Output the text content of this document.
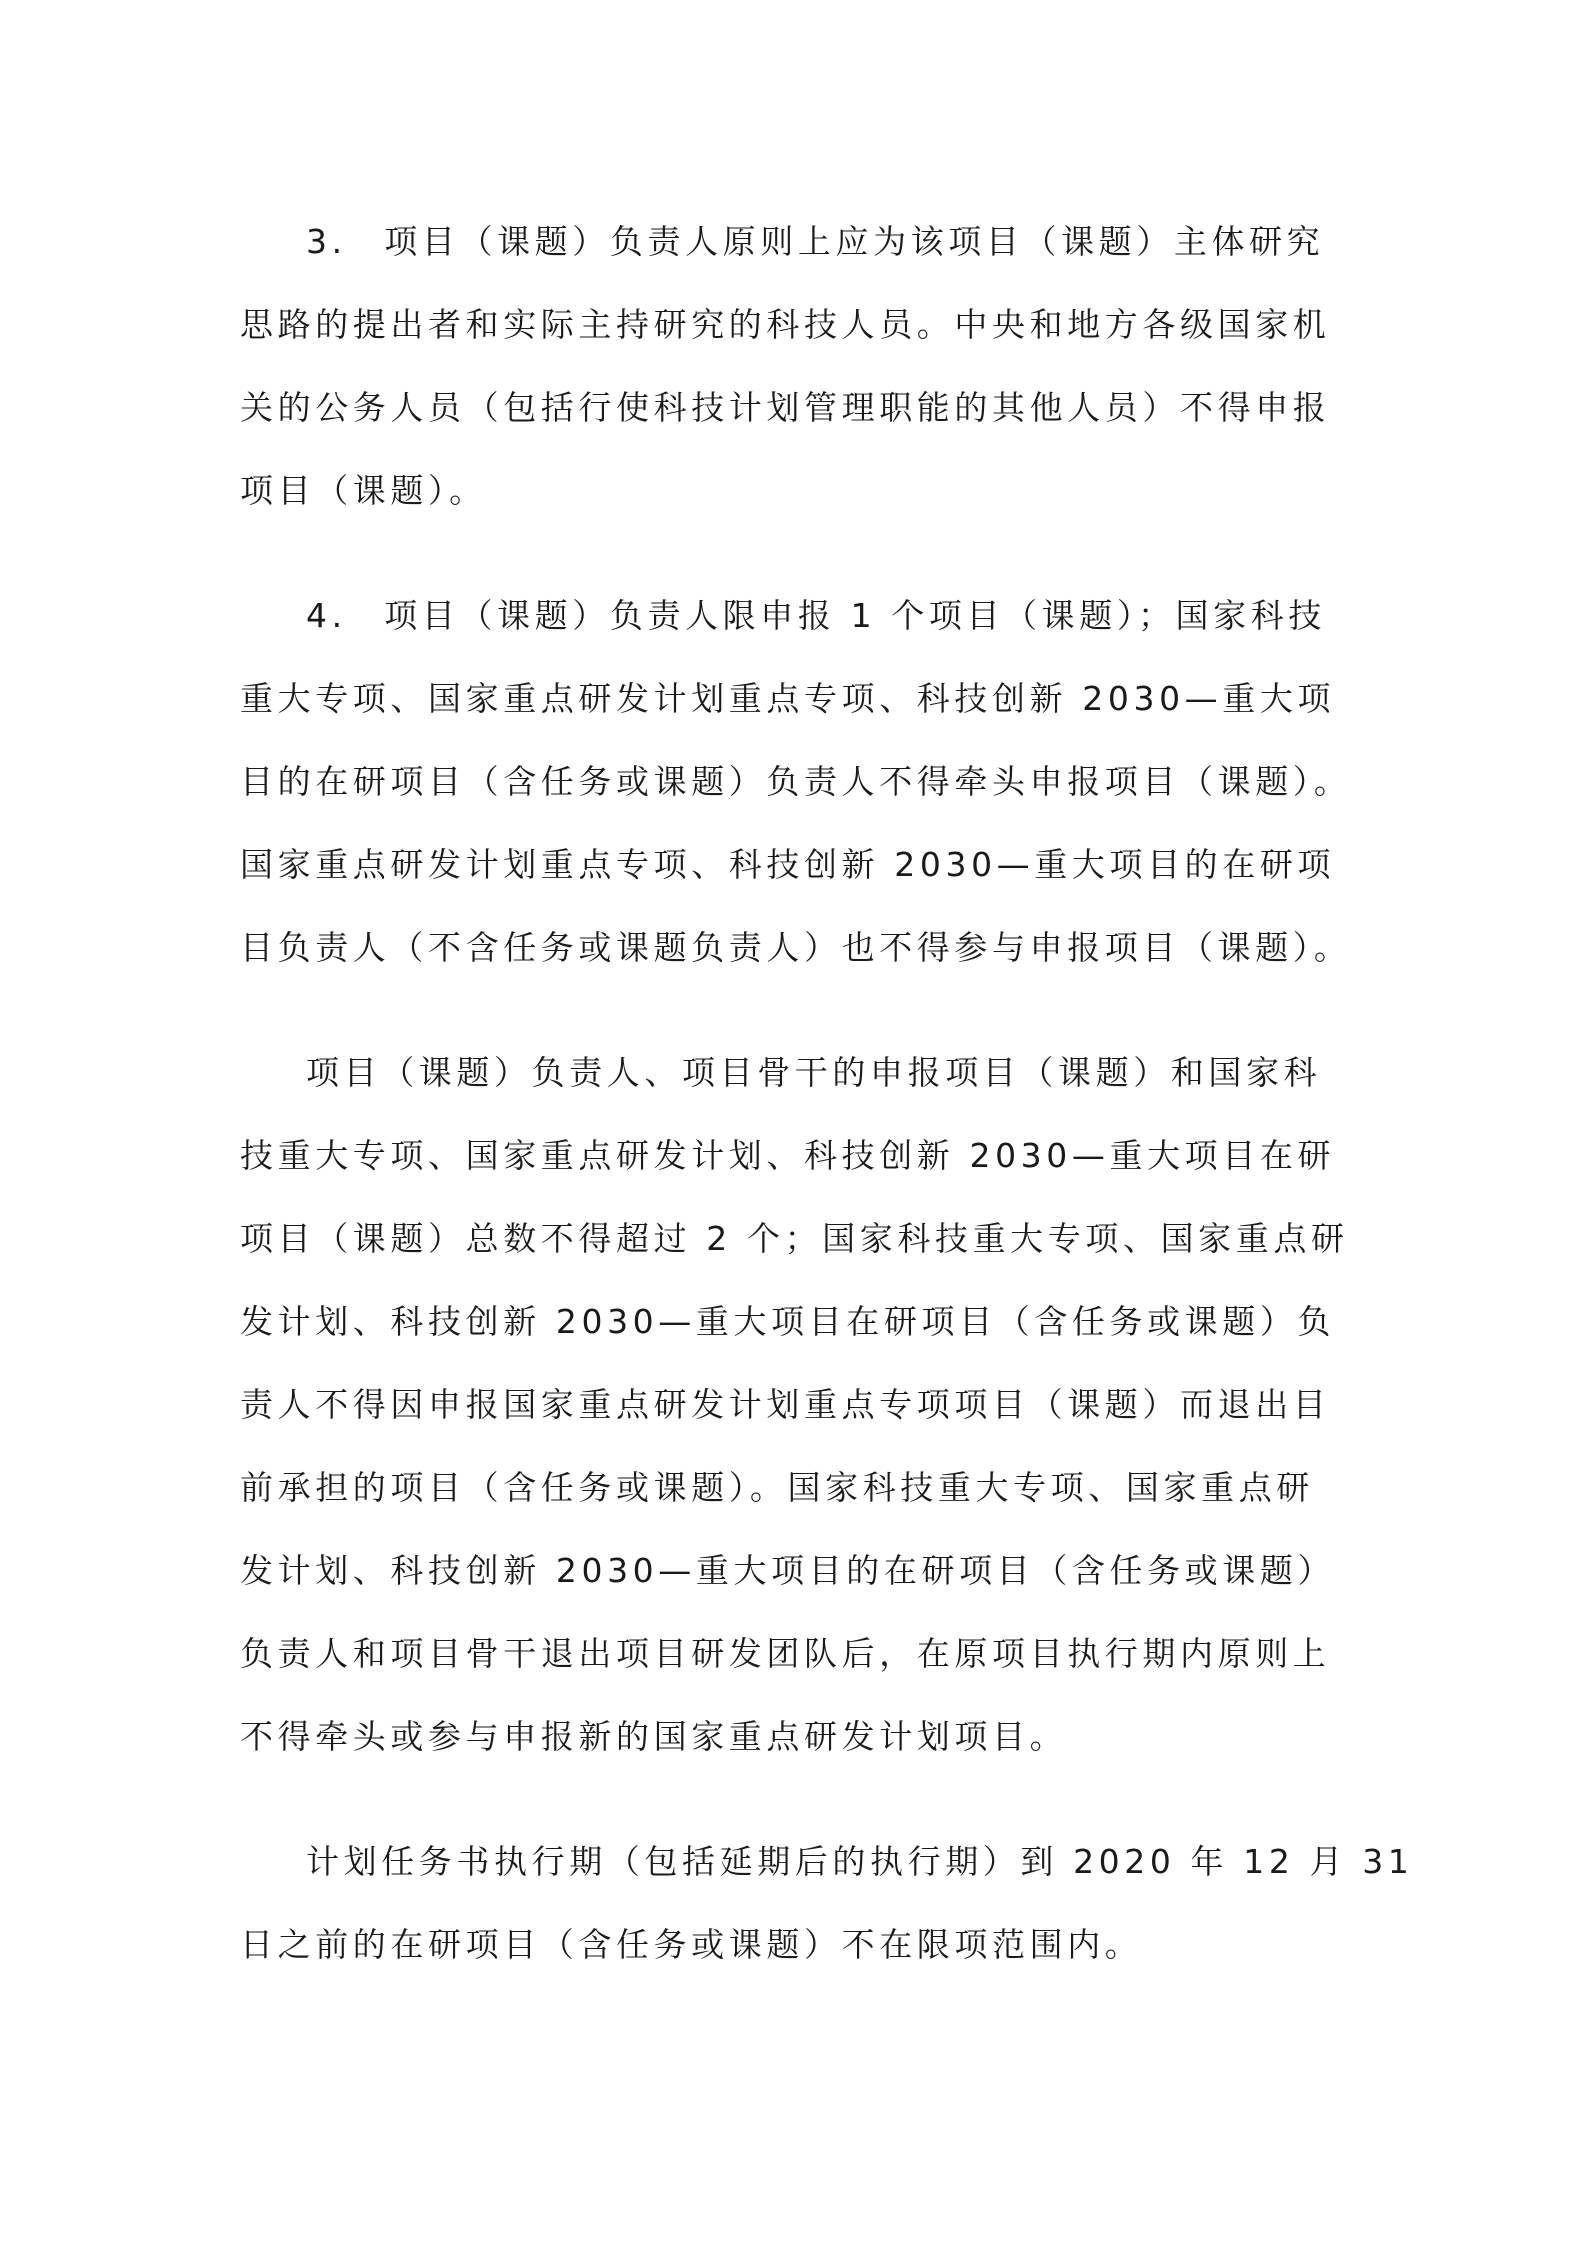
3.　项目（课题）负责人原则上应为该项目（课题）主体研究
思路的提出者和实际主持研究的科技人员。中央和地方各级国家机
关的公务人员（包括行使科技计划管理职能的其他人员）不得申报
项目（课题）。

4.　项目（课题）负责人限申报 1 个项目（课题）；国家科技
重大专项、国家重点研发计划重点专项、科技创新 2030—重大项
目的在研项目（含任务或课题）负责人不得牵头申报项目（课题）。
国家重点研发计划重点专项、科技创新 2030—重大项目的在研项
目负责人（不含任务或课题负责人）也不得参与申报项目（课题）。

项目（课题）负责人、项目骨干的申报项目（课题）和国家科
技重大专项、国家重点研发计划、科技创新 2030—重大项目在研
项目（课题）总数不得超过 2 个；国家科技重大专项、国家重点研
发计划、科技创新 2030—重大项目在研项目（含任务或课题）负
责人不得因申报国家重点研发计划重点专项项目（课题）而退出目
前承担的项目（含任务或课题）。国家科技重大专项、国家重点研
发计划、科技创新 2030—重大项目的在研项目（含任务或课题）
负责人和项目骨干退出项目研发团队后，在原项目执行期内原则上
不得牵头或参与申报新的国家重点研发计划项目。

计划任务书执行期（包括延期后的执行期）到 2020 年 12 月 31
日之前的在研项目（含任务或课题）不在限项范围内。
